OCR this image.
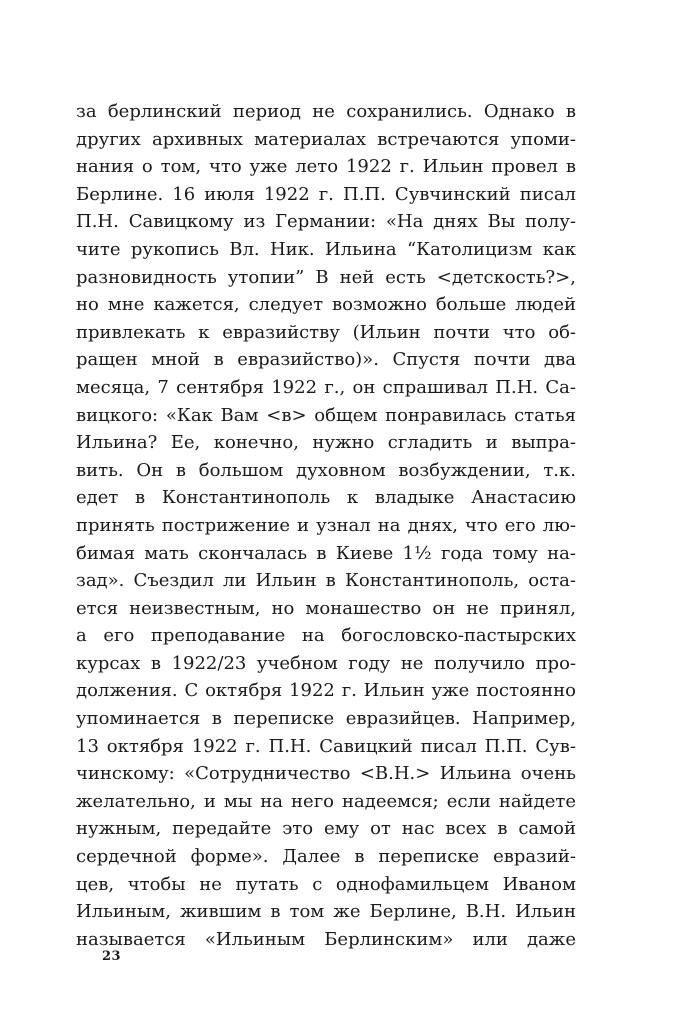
за берлинский период не сохранились. Однако в
других архивных материалах встречаются упоми-
нания о том, что уже лето 1922 г. Ильин провел в
Берлине. 16 июля 1922 г. П.П. Сувчинский писал
П.Н. Савицкому из Германии: «На днях Вы полу-
чите рукопись Вл. Ник. Ильина “Католицизм как
разновидность утопии” В ней есть <детскость?>,
но мне кажется, следует возможно больше людей
привлекать к евразийству (Ильин почти что об-
ращен мной в евразийство)». Спустя почти два
месяца, 7 сентября 1922 г., он спрашивал П.Н. Са-
вицкого: «Как Вам <в> общем понравилась статья
Ильина? Ее, конечно, нужно сгладить и выпра-
вить. Он в большом духовном возбуждении, т.к.
едет в Константинополь к владыке Анастасию
принять пострижение и узнал на днях, что его лю-
бимая мать скончалась в Киеве 1½ года тому на-
зад». Съездил ли Ильин в Константинополь, оста-
ется неизвестным, но монашество он не принял,
а его преподавание на богословско-пастырских
курсах в 1922/23 учебном году не получило про-
должения. С октября 1922 г. Ильин уже постоянно
упоминается в переписке евразийцев. Например,
13 октября 1922 г. П.Н. Савицкий писал П.П. Сув-
чинскому: «Сотрудничество <В.Н.> Ильина очень
желательно, и мы на него надеемся; если найдете
нужным, передайте это ему от нас всех в самой
сердечной форме». Далее в переписке евразий-
цев, чтобы не путать с однофамильцем Иваном
Ильиным, жившим в том же Берлине, В.Н. Ильин
называется «Ильиным Берлинским» или даже
23
